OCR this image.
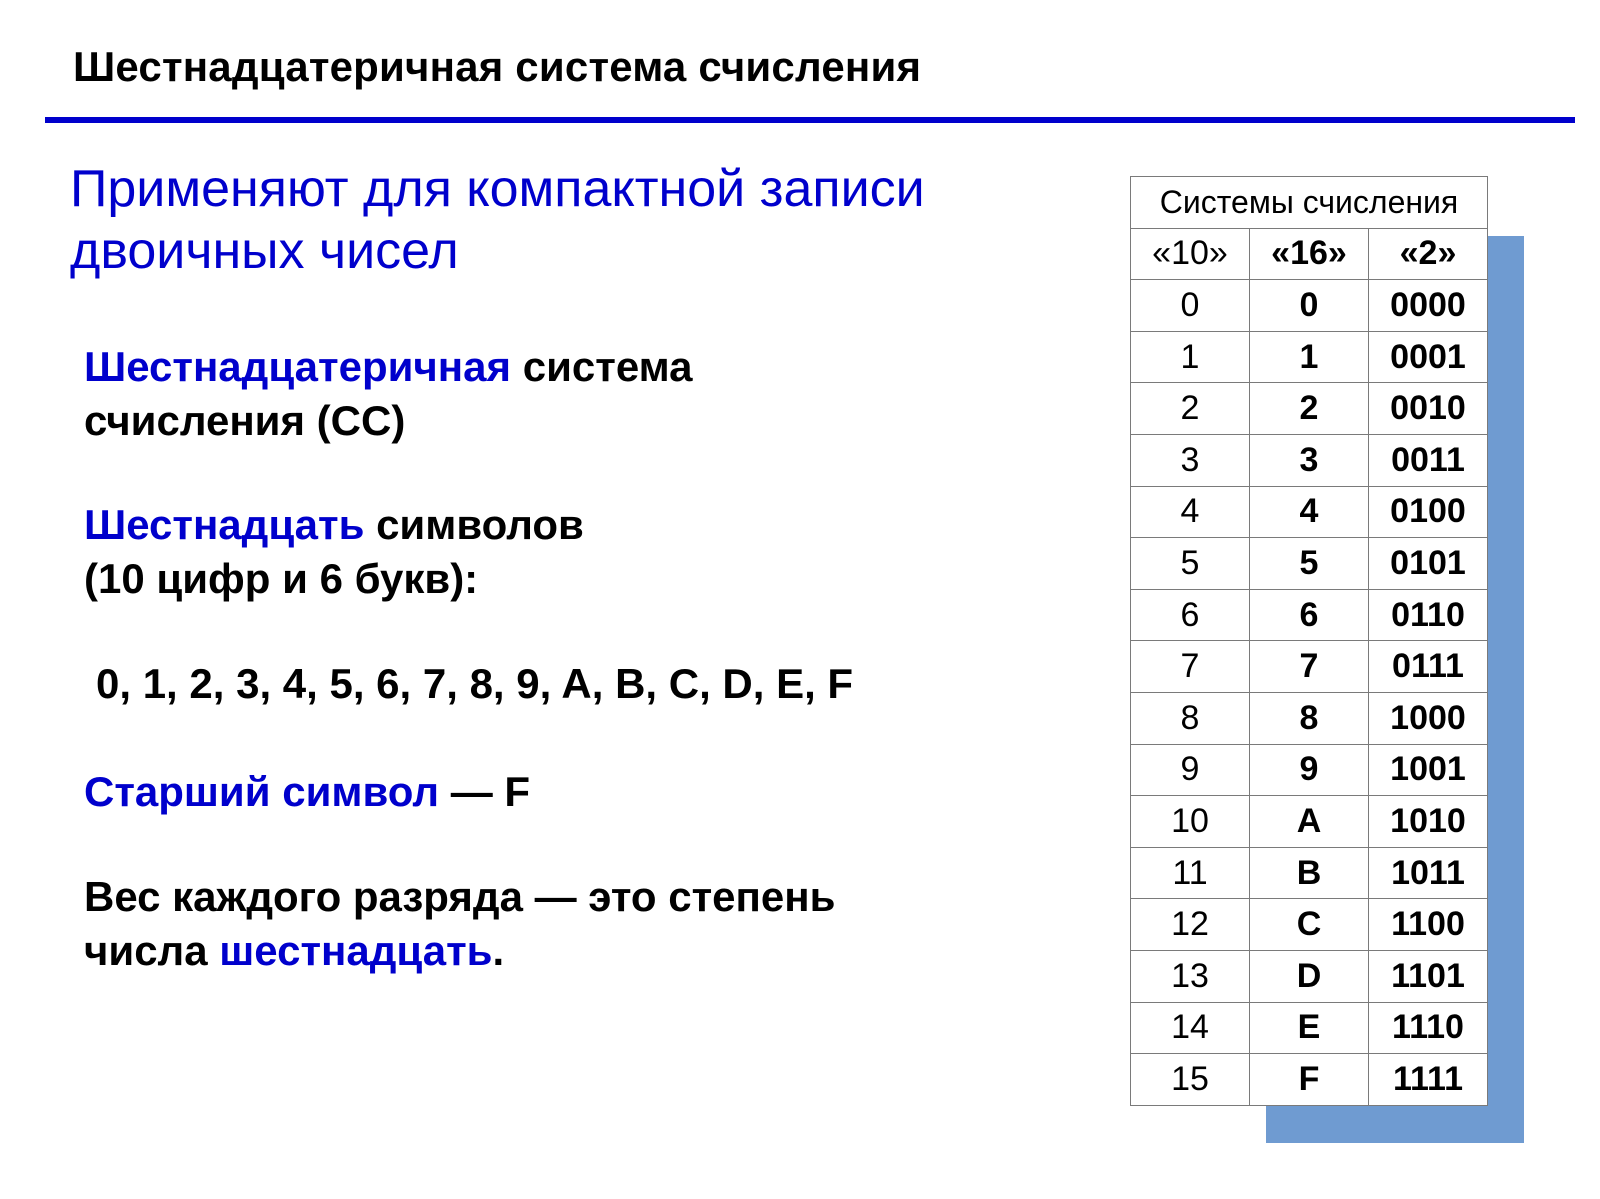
Шестнадцатеричная система счисления
Применяют для компактной записи
двоичных чисел
Шестнадцатеричная система
счисления (СС)
Шестнадцать символов
(10 цифр и 6 букв):
0, 1, 2, 3, 4, 5, 6, 7, 8, 9, A, B, C, D, E, F
Старший символ — F
Вес каждого разряда — это степень
числа шестнадцать.
Системы счисления		
«10»	«16»	«2»
0	0	0000
1	1	0001
2	2	0010
3	3	0011
4	4	0100
5	5	0101
6	6	0110
7	7	0111
8	8	1000
9	9	1001
10	A	1010
11	B	1011
12	C	1100
13	D	1101
14	E	1110
15	F	1111
